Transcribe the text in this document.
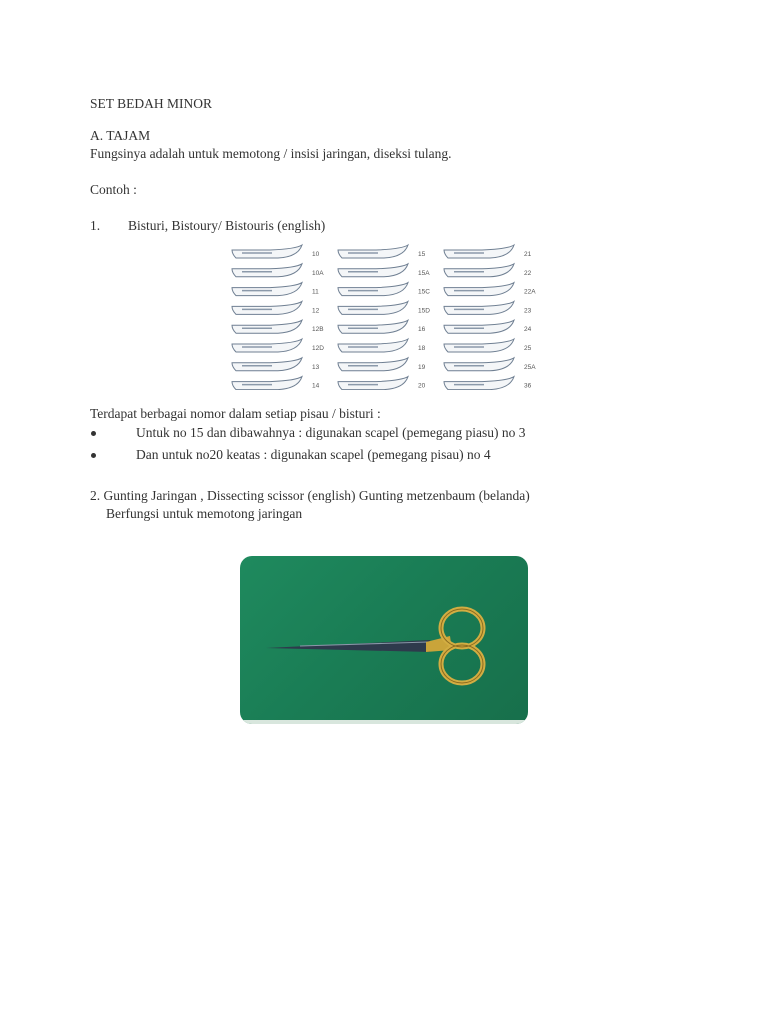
SET BEDAH MINOR
A. TAJAM
Fungsinya adalah untuk memotong / insisi jaringan, diseksi tulang.
Contoh :
1. Bisturi, Bistoury/ Bistouris (english)
10
10A
11
12
12B
12D
13
14
15
15A
15C
15D
16
18
19
20
21
22
22A
23
24
25
25A
36
Terdapat berbagai nomor dalam setiap pisau / bisturi :
Untuk no 15 dan dibawahnya : digunakan scapel (pemegang piasu) no 3
Dan untuk no20 keatas : digunakan scapel (pemegang pisau) no 4
2. Gunting Jaringan , Dissecting scissor (english) Gunting metzenbaum (belanda)
Berfungsi untuk memotong jaringan
